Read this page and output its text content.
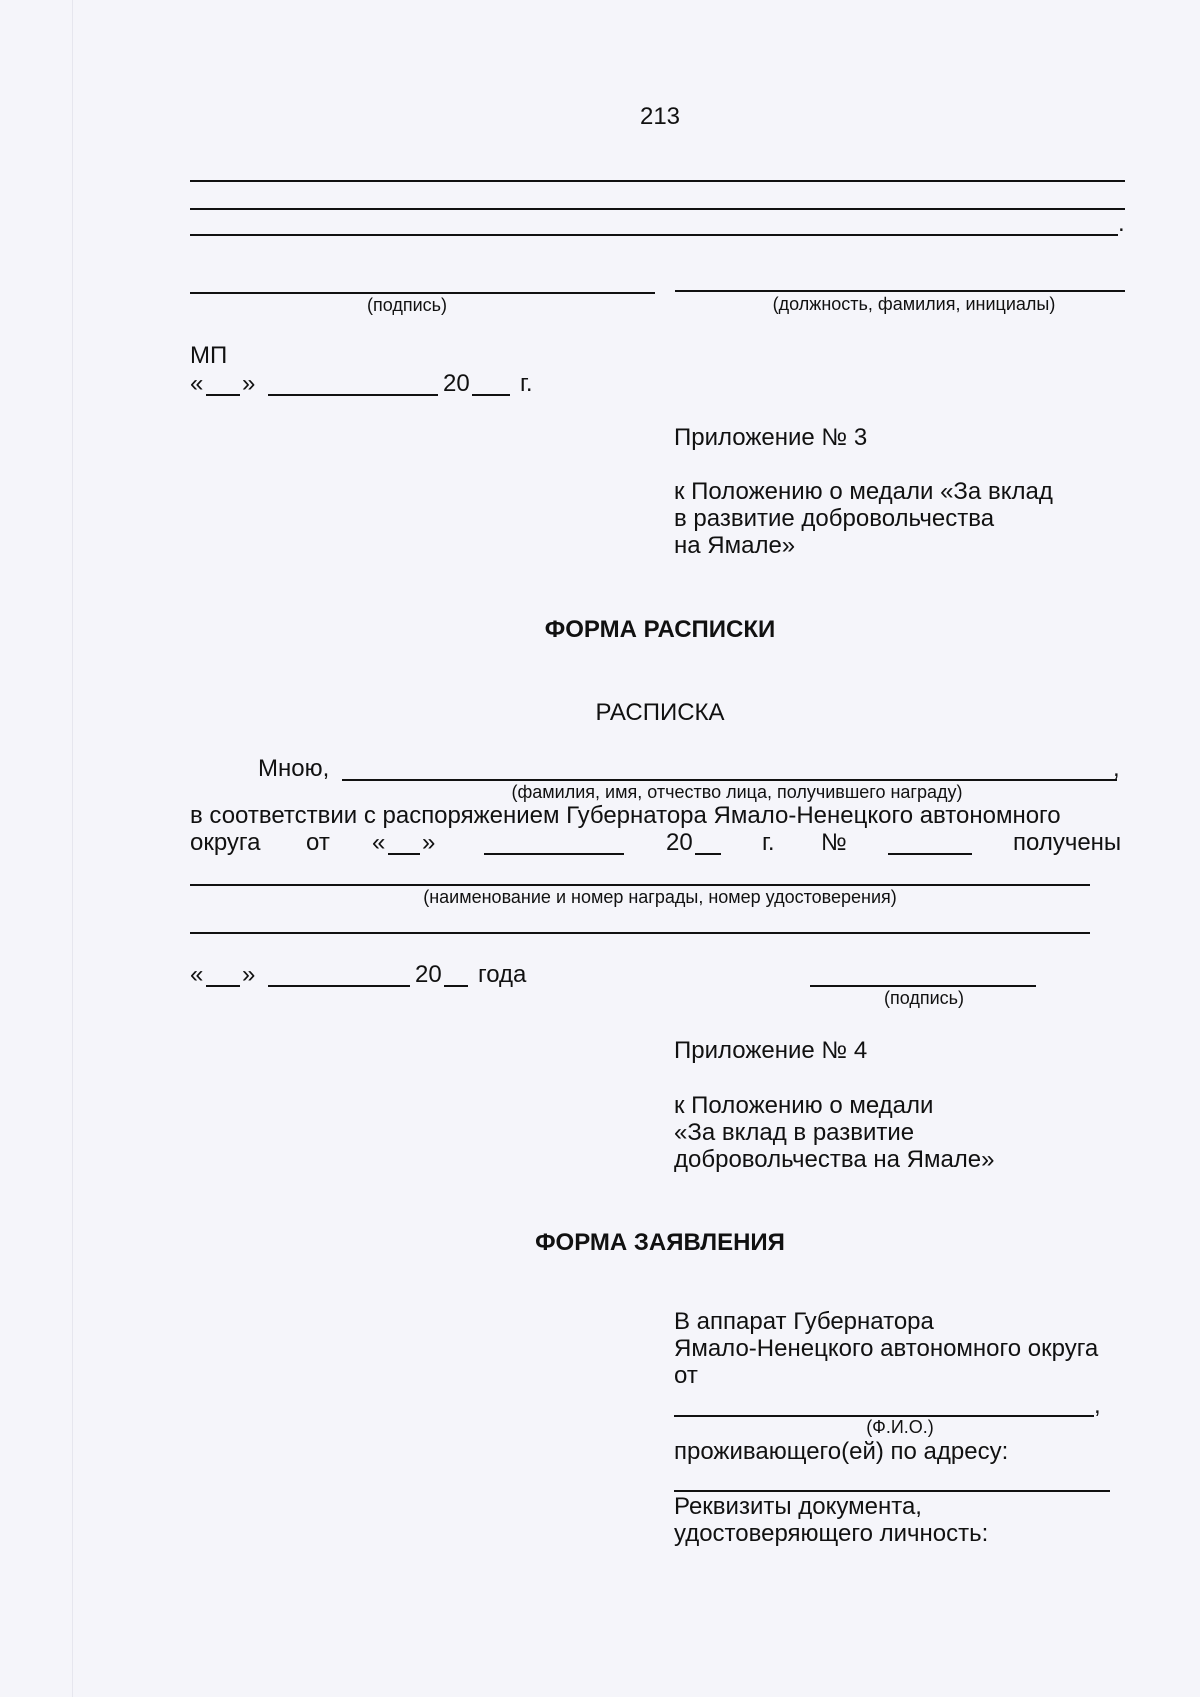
213
.
(подпись)	(должность, фамилия, инициалы)
МП
« »	20 г.
Приложение № 3
к Положению о медали «За вклад
в развитие добровольчества
на Ямале»
ФОРМА РАСПИСКИ
РАСПИСКА
Мною,	,
(фамилия, имя, отчество лица, получившего награду)
в соответствии с распоряжением Губернатора Ямало-Ненецкого автономного
округа от « »	20	г. №	получены
(наименование и номер награды, номер удостоверения)
« »	20 года
(подпись)
Приложение № 4
к Положению о медали
«За вклад в развитие
добровольчества на Ямале»
ФОРМА ЗАЯВЛЕНИЯ
В аппарат Губернатора
Ямало-Ненецкого автономного округа
от
,
(Ф.И.О.)
проживающего(ей) по адресу:
Реквизиты документа,
удостоверяющего личность:
